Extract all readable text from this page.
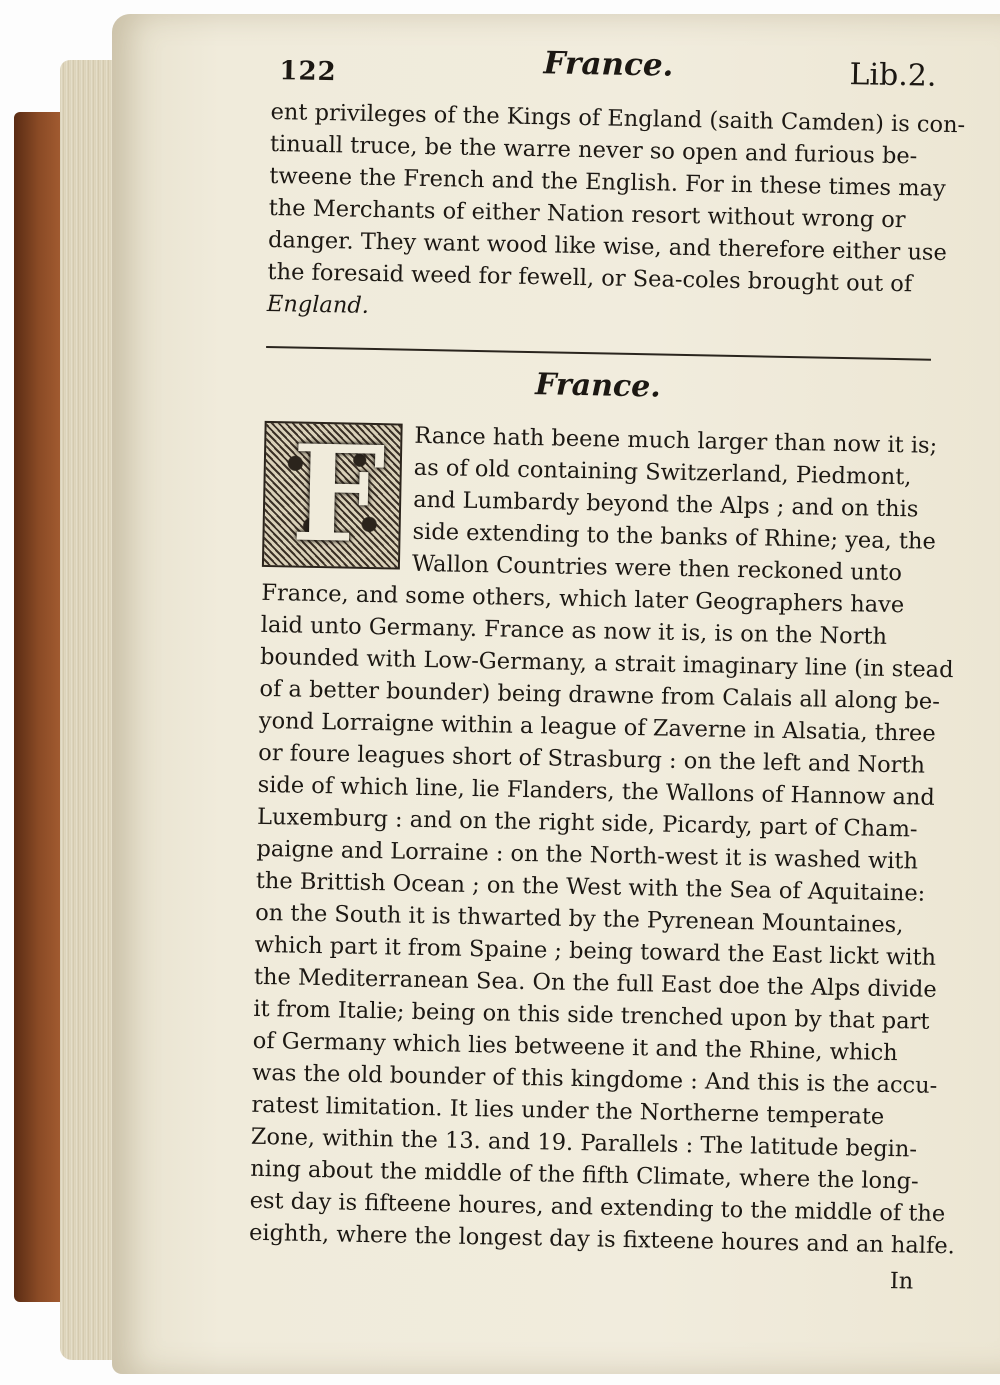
122	France.	Lib.2.
ent privileges of the Kings of England (saith Camden) is con-
tinuall truce, be the warre never so open and furious be-
tweene the French and the English. For in these times may
the Merchants of either Nation resort without wrong or
danger. They want wood like wise, and therefore either use
the foresaid weed for fewell, or Sea-coles brought out of
England.
France.
F	Rance hath beene much larger than now it is;
as of old containing Switzerland, Piedmont,
and Lumbardy beyond the Alps ; and on this
side extending to the banks of Rhine; yea, the
Wallon Countries were then reckoned unto
France, and some others, which later Geographers have
laid unto Germany. France as now it is, is on the North
bounded with Low-Germany, a strait imaginary line (in stead
of a better bounder) being drawne from Calais all along be-
yond Lorraigne within a league of Zaverne in Alsatia, three
or foure leagues short of Strasburg : on the left and North
side of which line, lie Flanders, the Wallons of Hannow and
Luxemburg : and on the right side, Picardy, part of Cham-
paigne and Lorraine : on the North-west it is washed with
the Brittish Ocean ; on the West with the Sea of Aquitaine:
on the South it is thwarted by the Pyrenean Mountaines,
which part it from Spaine ; being toward the East lickt with
the Mediterranean Sea. On the full East doe the Alps divide
it from Italie; being on this side trenched upon by that part
of Germany which lies betweene it and the Rhine, which
was the old bounder of this kingdome : And this is the accu-
ratest limitation. It lies under the Northerne temperate
Zone, within the 13. and 19. Parallels : The latitude begin-
ning about the middle of the fifth Climate, where the long-
est day is fifteene houres, and extending to the middle of the
eighth, where the longest day is fixteene houres and an halfe.
In
